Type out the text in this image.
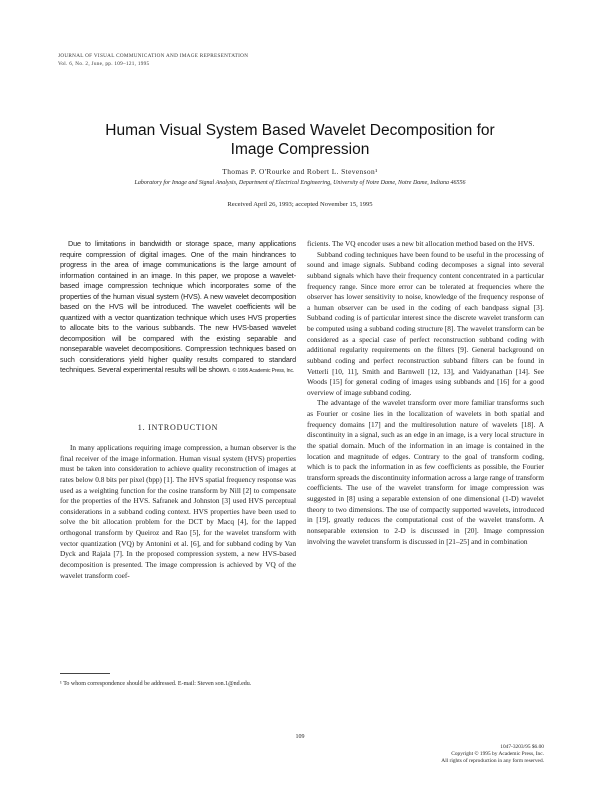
JOURNAL OF VISUAL COMMUNICATION AND IMAGE REPRESENTATION
Vol. 6, No. 2, June, pp. 109–121, 1995
Human Visual System Based Wavelet Decomposition for
Image Compression
Thomas P. O'Rourke and Robert L. Stevenson¹
Laboratory for Image and Signal Analysis, Department of Electrical Engineering, University of Notre Dame, Notre Dame, Indiana 46556
Received April 26, 1993; accepted November 15, 1995

Due to limitations in bandwidth or storage space, many applications require compression of digital images. One of the main hindrances to progress in the area of image communications is the large amount of information contained in an image. In this paper, we propose a wavelet-based image compression technique which incorporates some of the properties of the human visual system (HVS). A new wavelet decomposition based on the HVS will be introduced. The wavelet coefficients will be quantized with a vector quantization technique which uses HVS properties to allocate bits to the various subbands. The new HVS-based wavelet decomposition will be compared with the existing separable and nonseparable wavelet decompositions. Compression techniques based on such considerations yield higher quality results compared to standard techniques. Several experimental results will be shown. © 1995 Academic Press, Inc.

1. INTRODUCTION

In many applications requiring image compression, a human observer is the final receiver of the image information. Human visual system (HVS) properties must be taken into consideration to achieve quality reconstruction of images at rates below 0.8 bits per pixel (bpp) [1]. The HVS spatial frequency response was used as a weighting function for the cosine transform by Nill [2] to compensate for the properties of the HVS. Safranek and Johnston [3] used HVS perceptual considerations in a subband coding context. HVS properties have been used to solve the bit allocation problem for the DCT by Macq [4], for the lapped orthogonal transform by Queiroz and Rao [5], for the wavelet transform with vector quantization (VQ) by Antonini et al. [6], and for subband coding by Van Dyck and Rajala [7]. In the proposed compression system, a new HVS-based decomposition is presented. The image compression is achieved by VQ of the wavelet transform coef-

ficients. The VQ encoder uses a new bit allocation method based on the HVS.

Subband coding techniques have been found to be useful in the processing of sound and image signals. Subband coding decomposes a signal into several subband signals which have their frequency content concentrated in a particular frequency range. Since more error can be tolerated at frequencies where the observer has lower sensitivity to noise, knowledge of the frequency response of a human observer can be used in the coding of each bandpass signal [3]. Subband coding is of particular interest since the discrete wavelet transform can be computed using a subband coding structure [8]. The wavelet transform can be considered as a special case of perfect reconstruction subband coding with additional regularity requirements on the filters [9]. General background on subband coding and perfect reconstruction subband filters can be found in Vetterli [10, 11], Smith and Barnwell [12, 13], and Vaidyanathan [14]. See Woods [15] for general coding of images using subbands and [16] for a good overview of image subband coding.

The advantage of the wavelet transform over more familiar transforms such as Fourier or cosine lies in the localization of wavelets in both spatial and frequency domains [17] and the multiresolution nature of wavelets [18]. A discontinuity in a signal, such as an edge in an image, is a very local structure in the spatial domain. Much of the information in an image is contained in the location and magnitude of edges. Contrary to the goal of transform coding, which is to pack the information in as few coefficients as possible, the Fourier transform spreads the discontinuity information across a large range of transform coefficients. The use of the wavelet transform for image compression was suggested in [8] using a separable extension of one dimensional (1-D) wavelet theory to two dimensions. The use of compactly supported wavelets, introduced in [19], greatly reduces the computational cost of the wavelet transform. A nonseparable extension to 2-D is discussed in [20]. Image compression involving the wavelet transform is discussed in [21–25] and in combination

¹ To whom correspondence should be addressed. E-mail: Steven son.1@nd.edu.
109
1047-3203/95 $6.00
Copyright © 1995 by Academic Press, Inc.
All rights of reproduction in any form reserved.
